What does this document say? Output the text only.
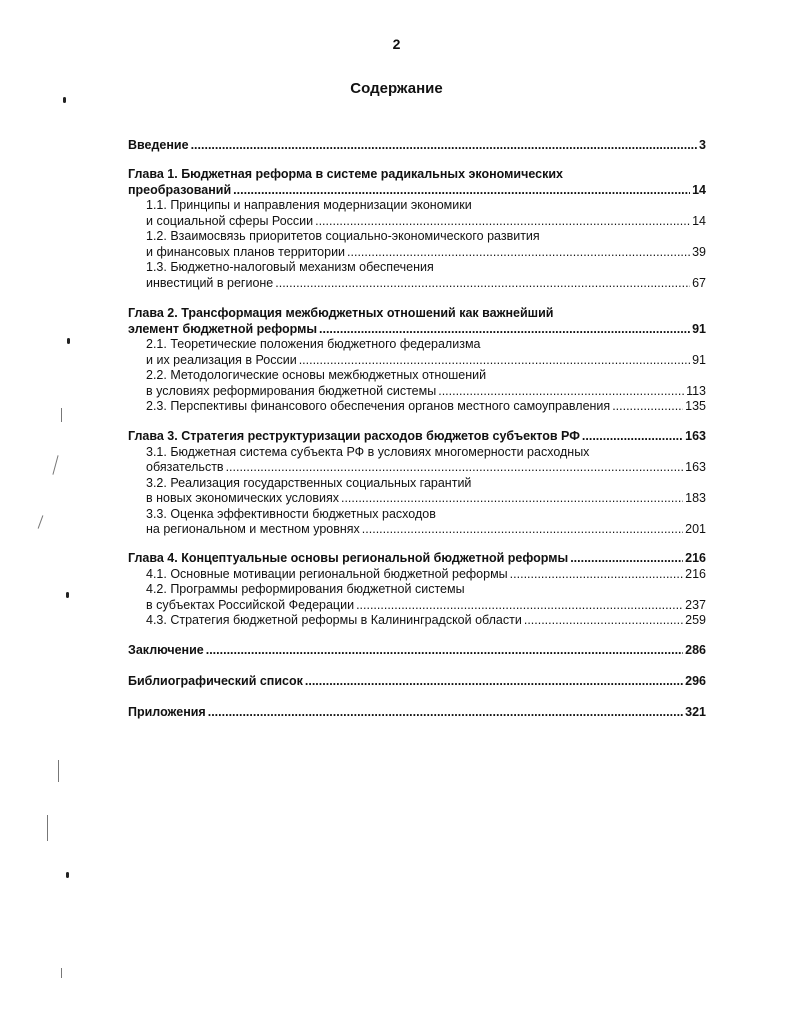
2
Содержание
Введение .....	3
Глава 1. Бюджетная реформа в системе радикальных экономических
преобразований .....	14
1.1. Принципы и направления модернизации экономики
и социальной сферы России .....	14
1.2. Взаимосвязь приоритетов социально-экономического развития
и финансовых планов территории .....	39
1.3. Бюджетно-налоговый механизм обеспечения
инвестиций в регионе .....	67
Глава 2. Трансформация межбюджетных отношений как важнейший
элемент бюджетной реформы .....	91
2.1. Теоретические положения бюджетного федерализма
и их реализация в России .....	91
2.2. Методологические основы межбюджетных отношений
в условиях реформирования бюджетной системы .....	113
2.3. Перспективы финансового обеспечения органов местного самоуправления .....	135
Глава 3. Стратегия реструктуризации расходов бюджетов субъектов РФ .....	163
3.1. Бюджетная система субъекта РФ в условиях многомерности расходных
обязательств .....	163
3.2. Реализация государственных социальных гарантий
в новых экономических условиях .....	183
3.3. Оценка эффективности бюджетных расходов
на региональном и местном уровнях .....	201
Глава 4. Концептуальные основы региональной бюджетной реформы .....	216
4.1. Основные мотивации региональной бюджетной реформы .....	216
4.2. Программы реформирования бюджетной системы
в субъектах Российской Федерации .....	237
4.3. Стратегия бюджетной реформы в Калининградской области .....	259
Заключение .....	286
Библиографический список .....	296
Приложения .....	321
